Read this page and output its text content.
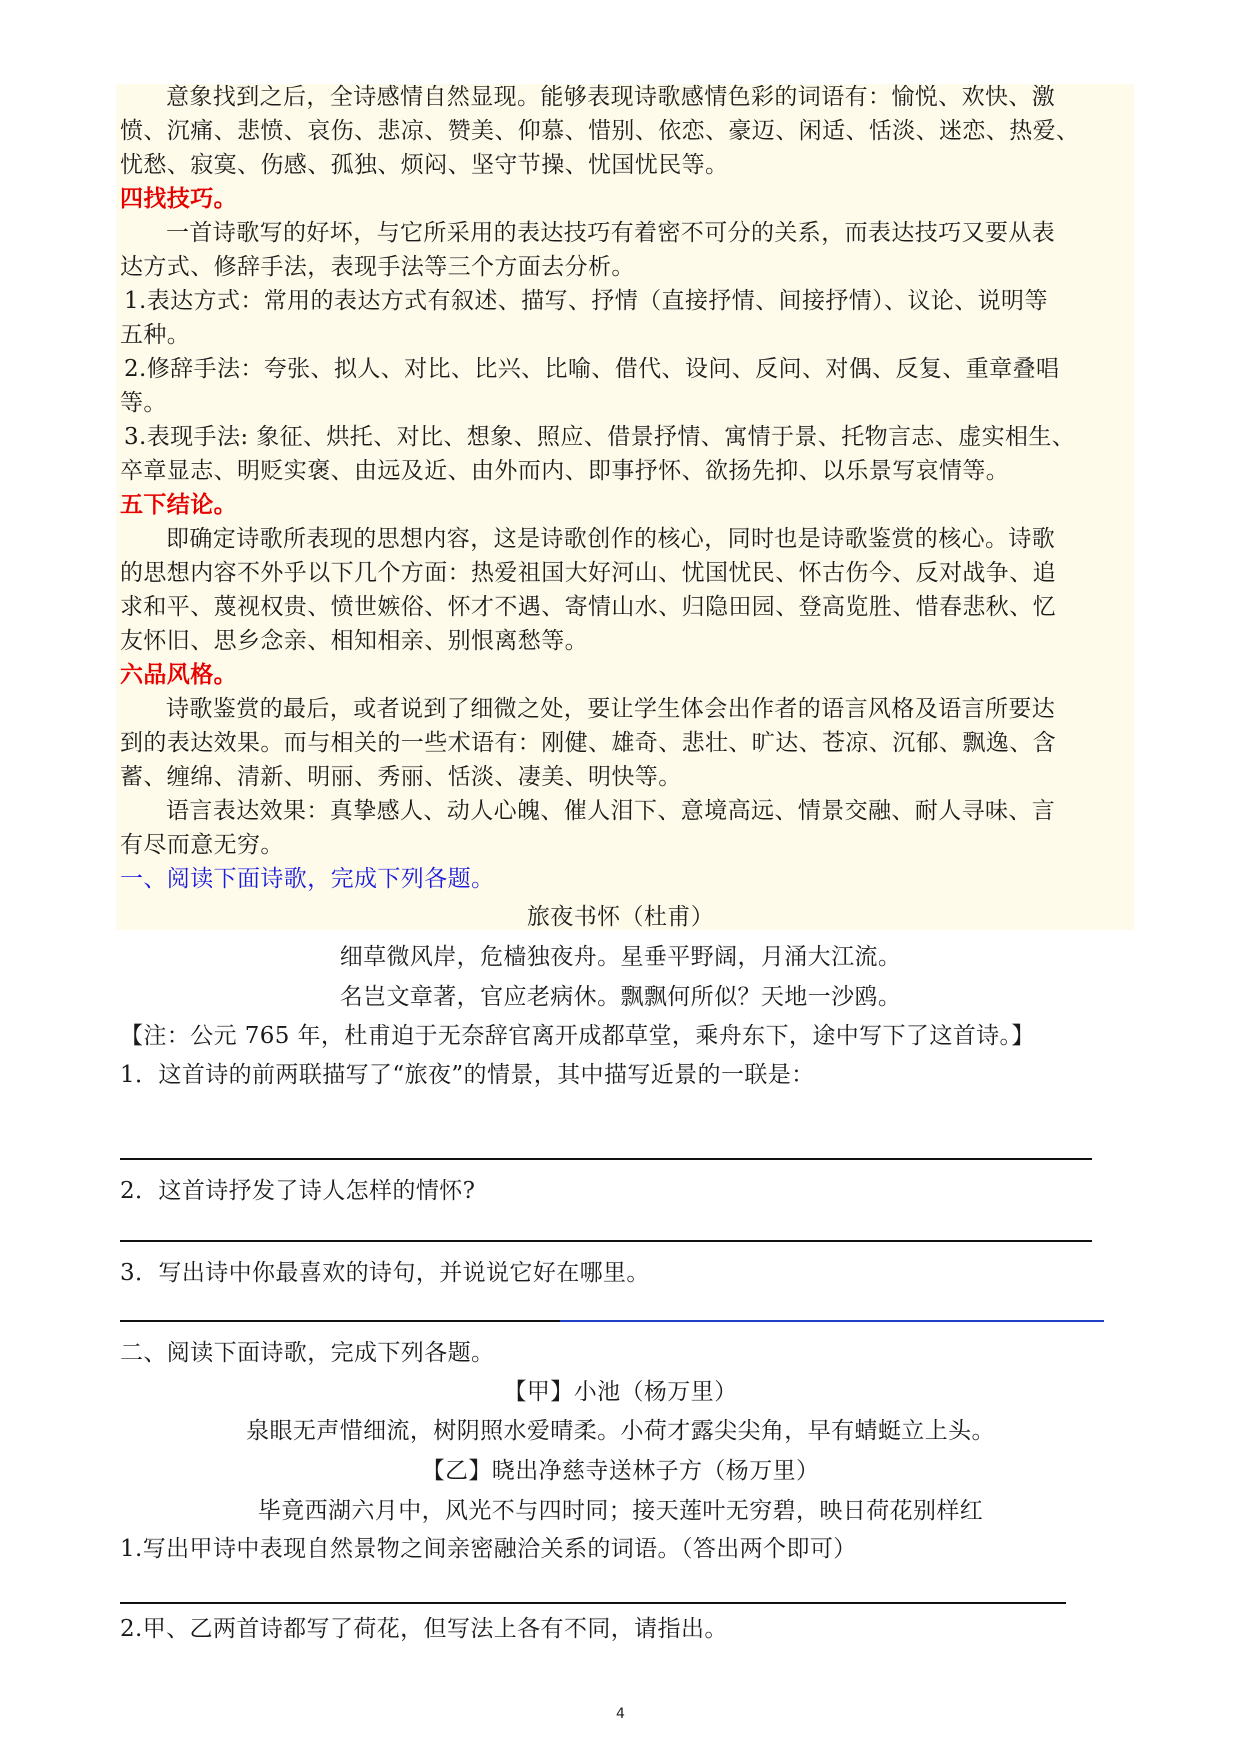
意象找到之后，全诗感情自然显现。能够表现诗歌感情色彩的词语有：愉悦、欢快、激
愤、沉痛、悲愤、哀伤、悲凉、赞美、仰慕、惜别、依恋、豪迈、闲适、恬淡、迷恋、热爱、
忧愁、寂寞、伤感、孤独、烦闷、坚守节操、忧国忧民等。
四找技巧。
一首诗歌写的好坏，与它所采用的表达技巧有着密不可分的关系，而表达技巧又要从表
达方式、修辞手法，表现手法等三个方面去分析。
1.表达方式：常用的表达方式有叙述、描写、抒情（直接抒情、间接抒情）、议论、说明等
五种。
2.修辞手法：夸张、拟人、对比、比兴、比喻、借代、设问、反问、对偶、反复、重章叠唱
等。
3.表现手法: 象征、烘托、对比、想象、照应、借景抒情、寓情于景、托物言志、虚实相生、
卒章显志、明贬实褒、由远及近、由外而内、即事抒怀、欲扬先抑、以乐景写哀情等。
五下结论。
即确定诗歌所表现的思想内容，这是诗歌创作的核心，同时也是诗歌鉴赏的核心。诗歌
的思想内容不外乎以下几个方面：热爱祖国大好河山、忧国忧民、怀古伤今、反对战争、追
求和平、蔑视权贵、愤世嫉俗、怀才不遇、寄情山水、归隐田园、登高览胜、惜春悲秋、忆
友怀旧、思乡念亲、相知相亲、别恨离愁等。
六品风格。
诗歌鉴赏的最后，或者说到了细微之处，要让学生体会出作者的语言风格及语言所要达
到的表达效果。而与相关的一些术语有：刚健、雄奇、悲壮、旷达、苍凉、沉郁、飘逸、含
蓄、缠绵、清新、明丽、秀丽、恬淡、凄美、明快等。
语言表达效果：真挚感人、动人心魄、催人泪下、意境高远、情景交融、耐人寻味、言
有尽而意无穷。
一、阅读下面诗歌，完成下列各题。
旅夜书怀（杜甫）
细草微风岸，危樯独夜舟。星垂平野阔，月涌大江流。
名岂文章著，官应老病休。飘飘何所似？天地一沙鸥。
【注：公元 765 年，杜甫迫于无奈辞官离开成都草堂，乘舟东下，途中写下了这首诗。】
1．这首诗的前两联描写了“旅夜”的情景，其中描写近景的一联是：
2．这首诗抒发了诗人怎样的情怀?
3．写出诗中你最喜欢的诗句，并说说它好在哪里。
二、阅读下面诗歌，完成下列各题。
【甲】小池（杨万里）
泉眼无声惜细流，树阴照水爱晴柔。小荷才露尖尖角，早有蜻蜓立上头。
【乙】晓出净慈寺送林子方（杨万里）
毕竟西湖六月中，风光不与四时同；接天莲叶无穷碧，映日荷花别样红
1.写出甲诗中表现自然景物之间亲密融洽关系的词语。（答出两个即可）
2.甲、乙两首诗都写了荷花，但写法上各有不同，请指出。
4
